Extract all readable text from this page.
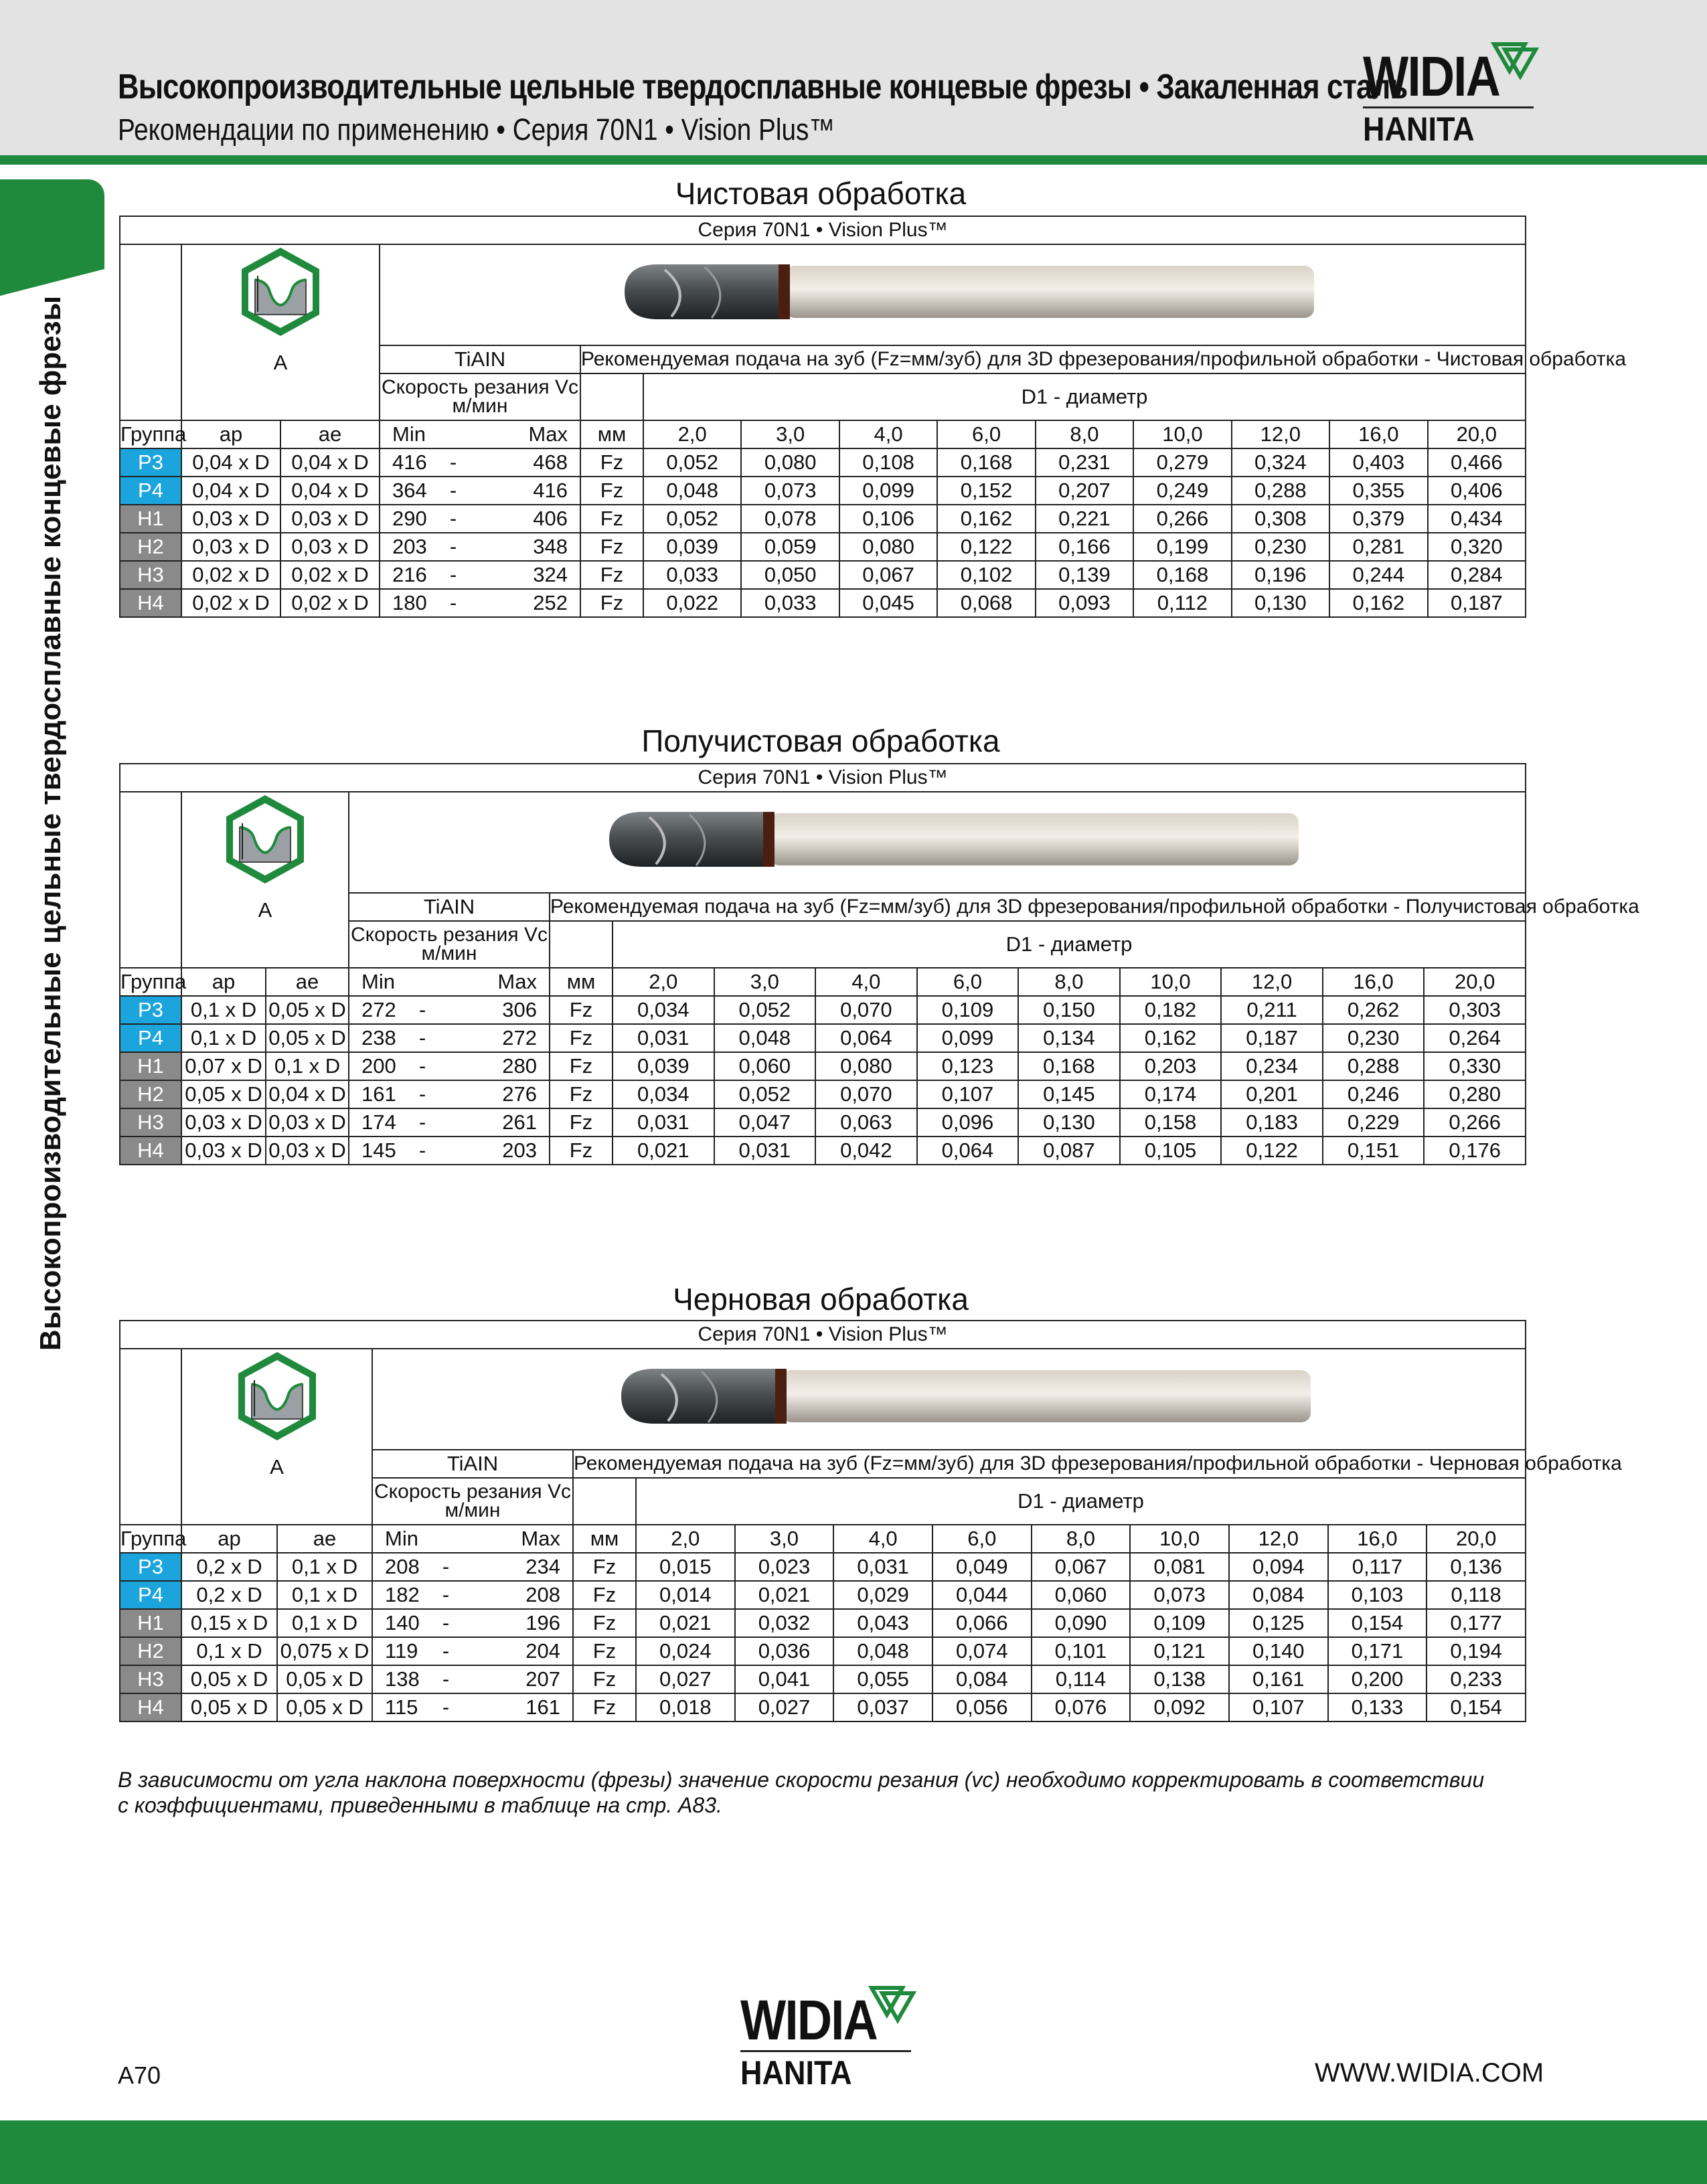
Высокопроизводительные цельные твердосплавные концевые фрезы • Закаленная сталь
Рекомендации по применению • Серия 70N1 • Vision Plus™
WIDIA
HANITA
Высокопроизводительные цельные твердосплавные концевые фрезы
Чистовая обработка
Серия 70N1 • Vision Plus™															

	A		TiAIN			Рекомендуемая подача на зуб (Fz=мм/зуб) для 3D фрезерования/профильной обработки - Чистовая обработка									

			Скорость резания Vc
м/мин				D1 - диаметр								
Группа	ap	ae	Min		Max	мм	2,0	3,0	4,0	6,0	8,0	10,0	12,0	16,0	20,0
P3	0,04 x D	0,04 x D	416	-	468	Fz	0,052	0,080	0,108	0,168	0,231	0,279	0,324	0,403	0,466
P4	0,04 x D	0,04 x D	364	-	416	Fz	0,048	0,073	0,099	0,152	0,207	0,249	0,288	0,355	0,406
H1	0,03 x D	0,03 x D	290	-	406	Fz	0,052	0,078	0,106	0,162	0,221	0,266	0,308	0,379	0,434
H2	0,03 x D	0,03 x D	203	-	348	Fz	0,039	0,059	0,080	0,122	0,166	0,199	0,230	0,281	0,320
H3	0,02 x D	0,02 x D	216	-	324	Fz	0,033	0,050	0,067	0,102	0,139	0,168	0,196	0,244	0,284
H4	0,02 x D	0,02 x D	180	-	252	Fz	0,022	0,033	0,045	0,068	0,093	0,112	0,130	0,162	0,187
Получистовая обработка
Серия 70N1 • Vision Plus™															

	A		TiAIN			Рекомендуемая подача на зуб (Fz=мм/зуб) для 3D фрезерования/профильной обработки - Получистовая обработка									

			Скорость резания Vc
м/мин				D1 - диаметр								
Группа	ap	ae	Min		Max	мм	2,0	3,0	4,0	6,0	8,0	10,0	12,0	16,0	20,0
P3	0,1 x D	0,05 x D	272	-	306	Fz	0,034	0,052	0,070	0,109	0,150	0,182	0,211	0,262	0,303
P4	0,1 x D	0,05 x D	238	-	272	Fz	0,031	0,048	0,064	0,099	0,134	0,162	0,187	0,230	0,264
H1	0,07 x D	0,1 x D	200	-	280	Fz	0,039	0,060	0,080	0,123	0,168	0,203	0,234	0,288	0,330
H2	0,05 x D	0,04 x D	161	-	276	Fz	0,034	0,052	0,070	0,107	0,145	0,174	0,201	0,246	0,280
H3	0,03 x D	0,03 x D	174	-	261	Fz	0,031	0,047	0,063	0,096	0,130	0,158	0,183	0,229	0,266
H4	0,03 x D	0,03 x D	145	-	203	Fz	0,021	0,031	0,042	0,064	0,087	0,105	0,122	0,151	0,176
Черновая обработка
Серия 70N1 • Vision Plus™															

	A		TiAIN			Рекомендуемая подача на зуб (Fz=мм/зуб) для 3D фрезерования/профильной обработки - Черновая обработка									

			Скорость резания Vc
м/мин				D1 - диаметр								
Группа	ap	ae	Min		Max	мм	2,0	3,0	4,0	6,0	8,0	10,0	12,0	16,0	20,0
P3	0,2 x D	0,1 x D	208	-	234	Fz	0,015	0,023	0,031	0,049	0,067	0,081	0,094	0,117	0,136
P4	0,2 x D	0,1 x D	182	-	208	Fz	0,014	0,021	0,029	0,044	0,060	0,073	0,084	0,103	0,118
H1	0,15 x D	0,1 x D	140	-	196	Fz	0,021	0,032	0,043	0,066	0,090	0,109	0,125	0,154	0,177
H2	0,1 x D	0,075 x D	119	-	204	Fz	0,024	0,036	0,048	0,074	0,101	0,121	0,140	0,171	0,194
H3	0,05 x D	0,05 x D	138	-	207	Fz	0,027	0,041	0,055	0,084	0,114	0,138	0,161	0,200	0,233
H4	0,05 x D	0,05 x D	115	-	161	Fz	0,018	0,027	0,037	0,056	0,076	0,092	0,107	0,133	0,154
В зависимости от угла наклона поверхности (фрезы) значение скорости резания (vc) необходимо корректировать в соответствии
с коэффициентами, приведенными в таблице на стр. A83.
WIDIA
HANITA
A70	WWW.WIDIA.COM
